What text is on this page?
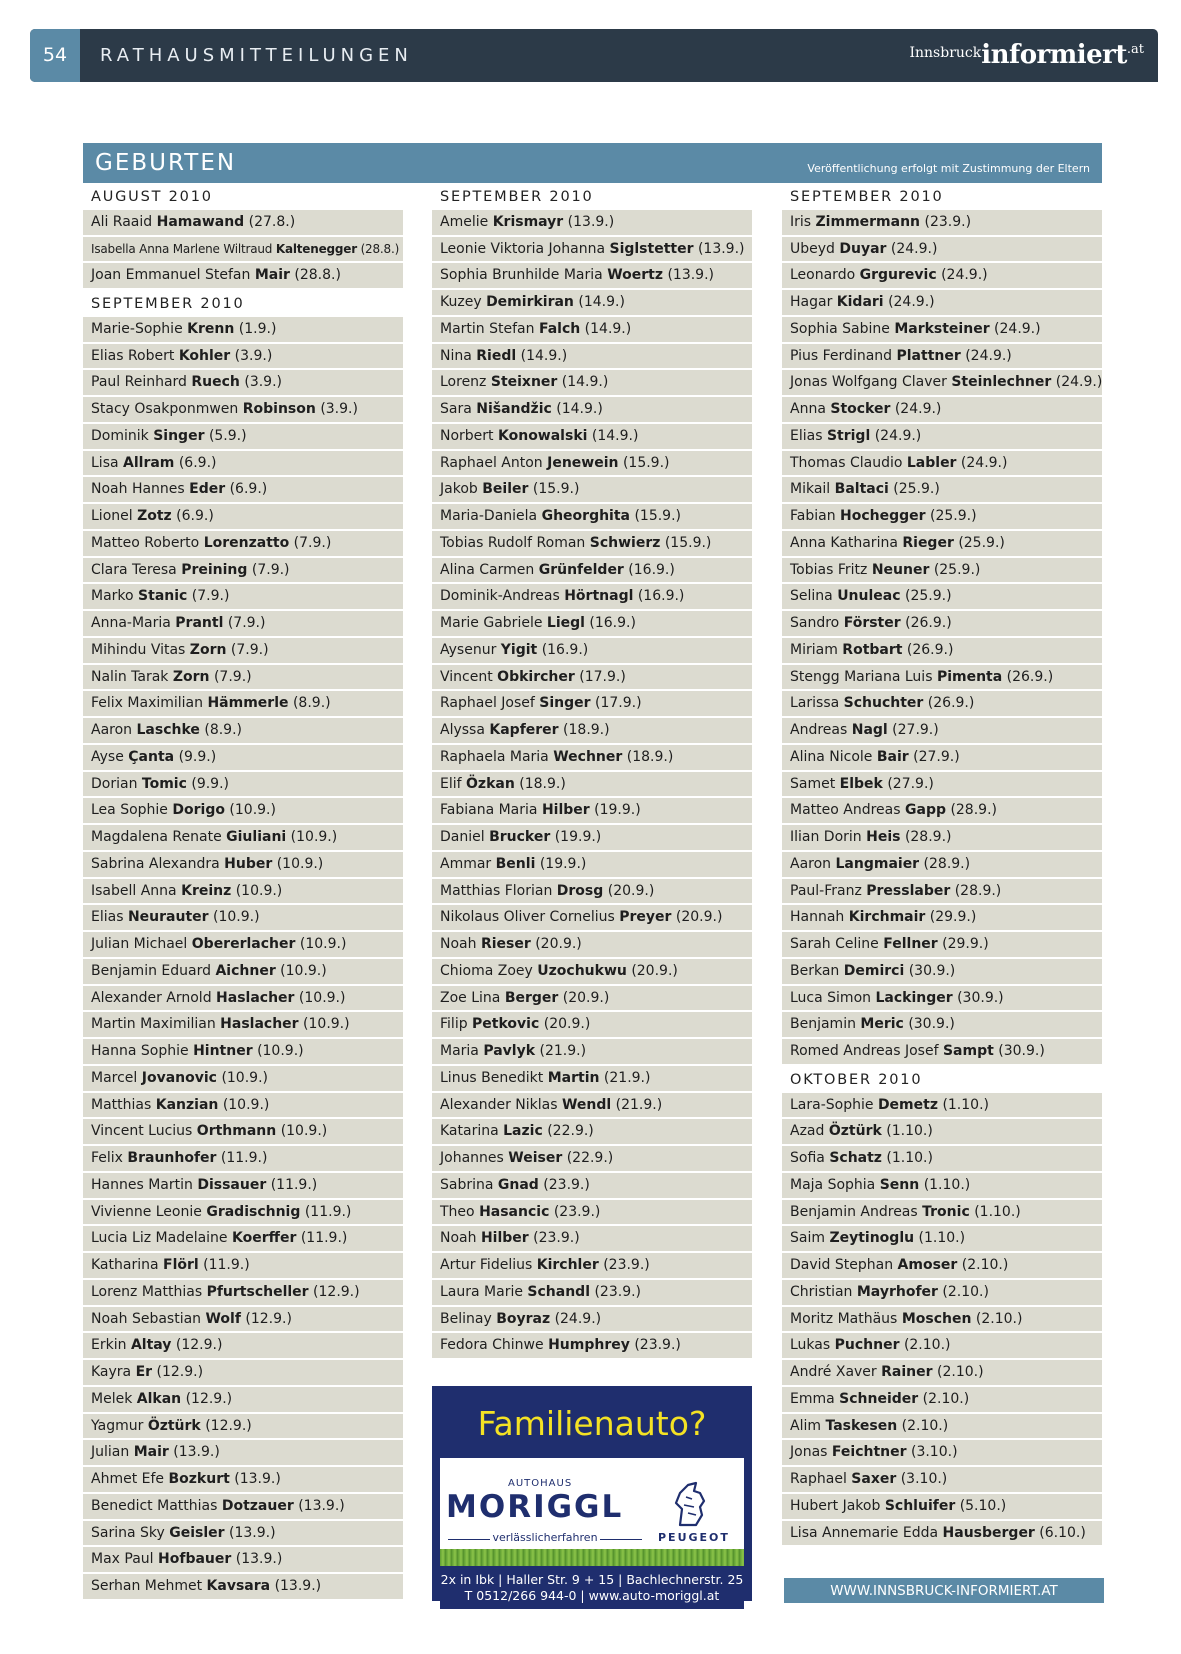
54	RATHAUSMITTEILUNGEN	Innsbruckinformiert$^{.at}$
GEBURTEN	Veröffentlichung erfolgt mit Zustimmung der Eltern
AUGUST 2010
Ali Raaid Hamawand (27.8.)
Isabella Anna Marlene Wiltraud Kaltenegger (28.8.)
Joan Emmanuel Stefan Mair (28.8.)
SEPTEMBER 2010
Marie-Sophie Krenn (1.9.)
Elias Robert Kohler (3.9.)
Paul Reinhard Ruech (3.9.)
Stacy Osakponmwen Robinson (3.9.)
Dominik Singer (5.9.)
Lisa Allram (6.9.)
Noah Hannes Eder (6.9.)
Lionel Zotz (6.9.)
Matteo Roberto Lorenzatto (7.9.)
Clara Teresa Preining (7.9.)
Marko Stanic (7.9.)
Anna-Maria Prantl (7.9.)
Mihindu Vitas Zorn (7.9.)
Nalin Tarak Zorn (7.9.)
Felix Maximilian Hämmerle (8.9.)
Aaron Laschke (8.9.)
Ayse Çanta (9.9.)
Dorian Tomic (9.9.)
Lea Sophie Dorigo (10.9.)
Magdalena Renate Giuliani (10.9.)
Sabrina Alexandra Huber (10.9.)
Isabell Anna Kreinz (10.9.)
Elias Neurauter (10.9.)
Julian Michael Obererlacher (10.9.)
Benjamin Eduard Aichner (10.9.)
Alexander Arnold Haslacher (10.9.)
Martin Maximilian Haslacher (10.9.)
Hanna Sophie Hintner (10.9.)
Marcel Jovanovic (10.9.)
Matthias Kanzian (10.9.)
Vincent Lucius Orthmann (10.9.)
Felix Braunhofer (11.9.)
Hannes Martin Dissauer (11.9.)
Vivienne Leonie Gradischnig (11.9.)
Lucia Liz Madelaine Koerffer (11.9.)
Katharina Flörl (11.9.)
Lorenz Matthias Pfurtscheller (12.9.)
Noah Sebastian Wolf (12.9.)
Erkin Altay (12.9.)
Kayra Er (12.9.)
Melek Alkan (12.9.)
Yagmur Öztürk (12.9.)
Julian Mair (13.9.)
Ahmet Efe Bozkurt (13.9.)
Benedict Matthias Dotzauer (13.9.)
Sarina Sky Geisler (13.9.)
Max Paul Hofbauer (13.9.)
Serhan Mehmet Kavsara (13.9.)
SEPTEMBER 2010
Amelie Krismayr (13.9.)
Leonie Viktoria Johanna Siglstetter (13.9.)
Sophia Brunhilde Maria Woertz (13.9.)
Kuzey Demirkiran (14.9.)
Martin Stefan Falch (14.9.)
Nina Riedl (14.9.)
Lorenz Steixner (14.9.)
Sara Nišandžic (14.9.)
Norbert Konowalski (14.9.)
Raphael Anton Jenewein (15.9.)
Jakob Beiler (15.9.)
Maria-Daniela Gheorghita (15.9.)
Tobias Rudolf Roman Schwierz (15.9.)
Alina Carmen Grünfelder (16.9.)
Dominik-Andreas Hörtnagl (16.9.)
Marie Gabriele Liegl (16.9.)
Aysenur Yigit (16.9.)
Vincent Obkircher (17.9.)
Raphael Josef Singer (17.9.)
Alyssa Kapferer (18.9.)
Raphaela Maria Wechner (18.9.)
Elif Özkan (18.9.)
Fabiana Maria Hilber (19.9.)
Daniel Brucker (19.9.)
Ammar Benli (19.9.)
Matthias Florian Drosg (20.9.)
Nikolaus Oliver Cornelius Preyer (20.9.)
Noah Rieser (20.9.)
Chioma Zoey Uzochukwu (20.9.)
Zoe Lina Berger (20.9.)
Filip Petkovic (20.9.)
Maria Pavlyk (21.9.)
Linus Benedikt Martin (21.9.)
Alexander Niklas Wendl (21.9.)
Katarina Lazic (22.9.)
Johannes Weiser (22.9.)
Sabrina Gnad (23.9.)
Theo Hasancic (23.9.)
Noah Hilber (23.9.)
Artur Fidelius Kirchler (23.9.)
Laura Marie Schandl (23.9.)
Belinay Boyraz (24.9.)
Fedora Chinwe Humphrey (23.9.)
SEPTEMBER 2010
Iris Zimmermann (23.9.)
Ubeyd Duyar (24.9.)
Leonardo Grgurevic (24.9.)
Hagar Kidari (24.9.)
Sophia Sabine Marksteiner (24.9.)
Pius Ferdinand Plattner (24.9.)
Jonas Wolfgang Claver Steinlechner (24.9.)
Anna Stocker (24.9.)
Elias Strigl (24.9.)
Thomas Claudio Labler (24.9.)
Mikail Baltaci (25.9.)
Fabian Hochegger (25.9.)
Anna Katharina Rieger (25.9.)
Tobias Fritz Neuner (25.9.)
Selina Unuleac (25.9.)
Sandro Förster (26.9.)
Miriam Rotbart (26.9.)
Stengg Mariana Luis Pimenta (26.9.)
Larissa Schuchter (26.9.)
Andreas Nagl (27.9.)
Alina Nicole Bair (27.9.)
Samet Elbek (27.9.)
Matteo Andreas Gapp (28.9.)
Ilian Dorin Heis (28.9.)
Aaron Langmaier (28.9.)
Paul-Franz Presslaber (28.9.)
Hannah Kirchmair (29.9.)
Sarah Celine Fellner (29.9.)
Berkan Demirci (30.9.)
Luca Simon Lackinger (30.9.)
Benjamin Meric (30.9.)
Romed Andreas Josef Sampt (30.9.)
OKTOBER 2010
Lara-Sophie Demetz (1.10.)
Azad Öztürk (1.10.)
Sofia Schatz (1.10.)
Maja Sophia Senn (1.10.)
Benjamin Andreas Tronic (1.10.)
Saim Zeytinoglu (1.10.)
David Stephan Amoser (2.10.)
Christian Mayrhofer (2.10.)
Moritz Mathäus Moschen (2.10.)
Lukas Puchner (2.10.)
André Xaver Rainer (2.10.)
Emma Schneider (2.10.)
Alim Taskesen (2.10.)
Jonas Feichtner (3.10.)
Raphael Saxer (3.10.)
Hubert Jakob Schluifer (5.10.)
Lisa Annemarie Edda Hausberger (6.10.)
Familienauto?
AUTOHAUS
MORIGGL
verlässlicherfahren	PEUGEOT
2x in Ibk | Haller Str. 9 + 15 | Bachlechnerstr. 25
T 0512/266 944-0 | www.auto-moriggl.at	WWW.INNSBRUCK-INFORMIERT.AT
